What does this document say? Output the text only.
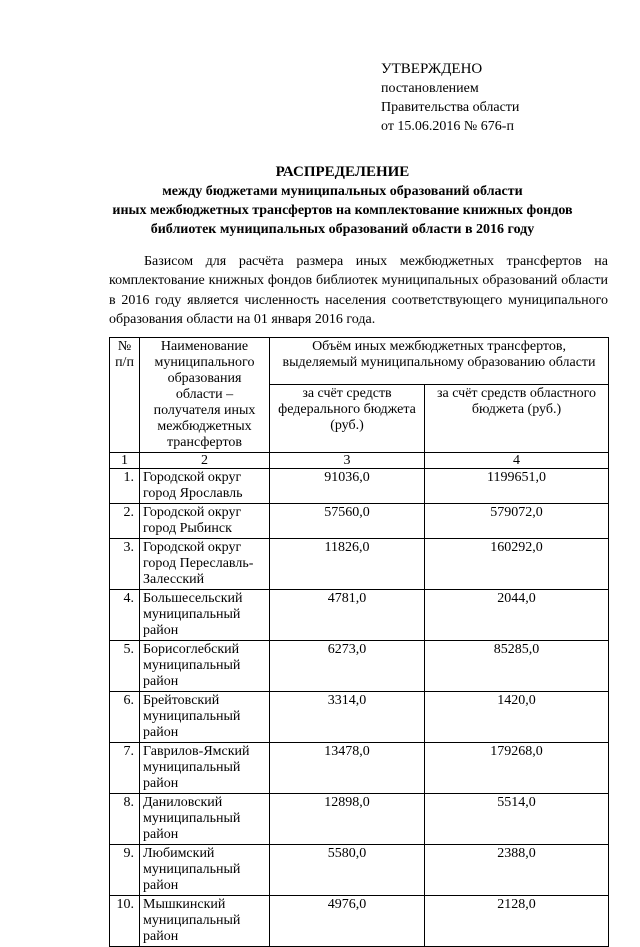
УТВЕРЖДЕНО
постановлением
Правительства области
от 15.06.2016 № 676-п
РАСПРЕДЕЛЕНИЕ
между бюджетами муниципальных образований области
иных межбюджетных трансфертов на комплектование книжных фондов
библиотек муниципальных образований области в 2016 году

Базисом для расчёта размера иных межбюджетных трансфертов на комплектование книжных фондов библиотек муниципальных образований области в 2016 году является численность населения соответствующего муниципального образования области на 01 января 2016 года.

№ п/п	Наименование муниципального образования области – получателя иных межбюджетных трансфертов	Объём иных межбюджетных трансфертов, выделяемый муниципальному образованию области	
		за счёт средств федерального бюджета (руб.)	за счёт средств областного бюджета (руб.)
1	2	3	4
1.	Городской округ город Ярославль	91036,0	1199651,0
2.	Городской округ город Рыбинск	57560,0	579072,0
3.	Городской округ город Переславль-Залесский	11826,0	160292,0
4.	Большесельский муниципальный район	4781,0	2044,0
5.	Борисоглебский муниципальный район	6273,0	85285,0
6.	Брейтовский муниципальный район	3314,0	1420,0
7.	Гаврилов-Ямский муниципальный район	13478,0	179268,0
8.	Даниловский муниципальный район	12898,0	5514,0
9.	Любимский муниципальный район	5580,0	2388,0
10.	Мышкинский муниципальный район	4976,0	2128,0
